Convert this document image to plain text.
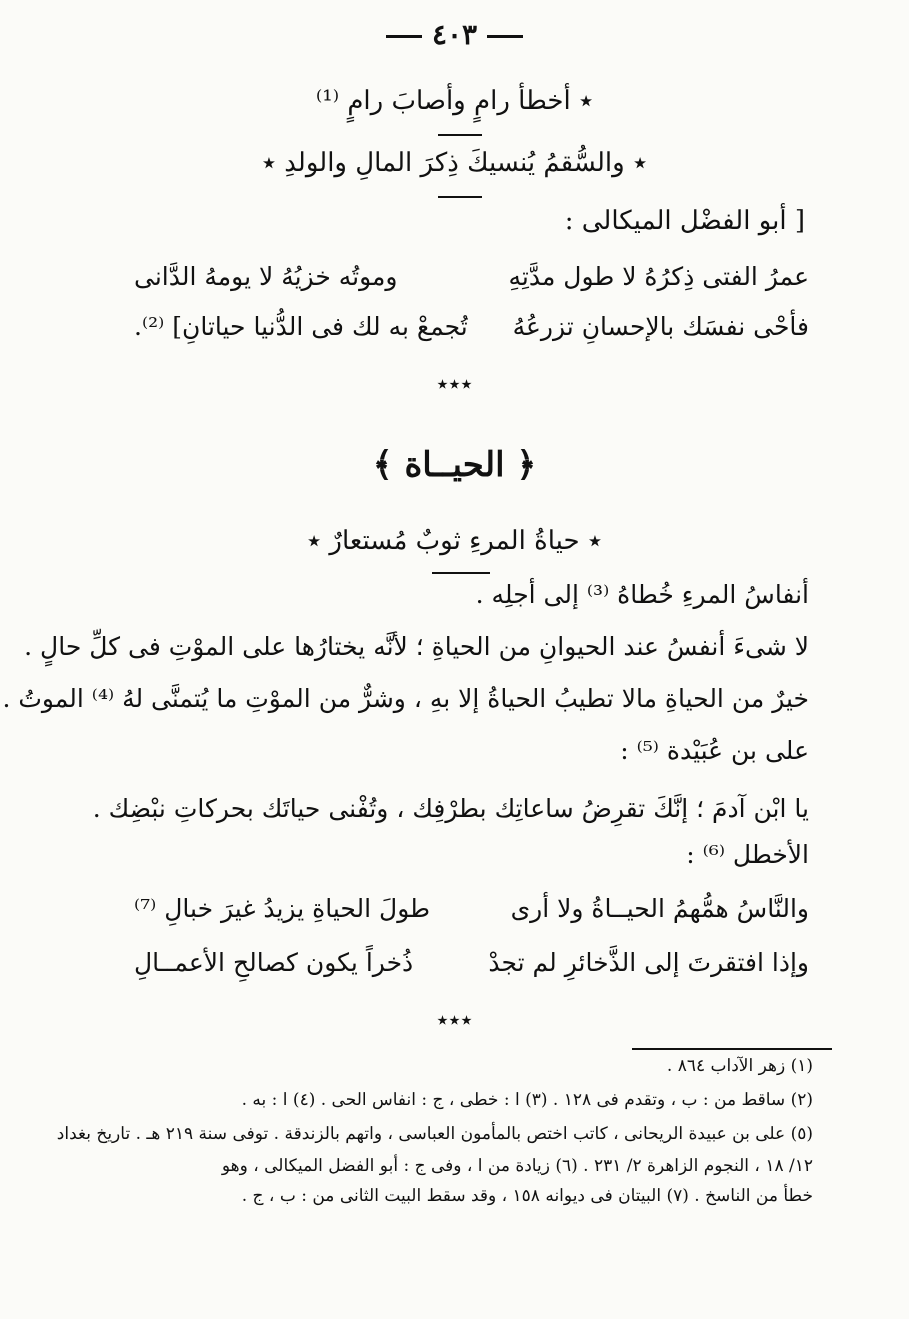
٤٠٣
٭ أخطأ رامٍ وأصابَ رامٍ ⁽¹⁾
٭ والسُّقمُ يُنسيكَ ذِكرَ المالِ والولدِ ٭
[ أبو الفضْل الميكالى :
عمرُ الفتى ذِكرُهُ لا طول مدَّتِهِ
وموتُه خزيُهُ لا يومهُ الدَّانى
فأحْى نفسَك بالإحسانِ تزرعُهُ
تُجمعْ به لك فى الدُّنيا حياتانِ] ⁽²⁾.
٭٭٭
﴿ الحيــاة ﴾
٭ حياةُ المرءِ ثوبٌ مُستعارٌ ٭
أنفاسُ المرءِ خُطاهُ ⁽³⁾ إلى أجلِه .
لا شىءَ أنفسُ عند الحيوانِ من الحياةِ ؛ لأنَّه يختارُها على الموْتِ فى كلِّ حالٍ .
خيرٌ من الحياةِ مالا تطيبُ الحياةُ إلا بهِ ، وشرٌّ من الموْتِ ما يُتمنَّى لهُ ⁽⁴⁾ الموتُ .
على بن عُبَيْدة ⁽⁵⁾ :
يا ابْن آدمَ ؛ إنَّكَ تقرِضُ ساعاتِك بطرْفِك ، وتُفْنى حياتَك بحركاتِ نبْضِك .
الأخطل ⁽⁶⁾ :
والنَّاسُ همُّهمُ الحيــاةُ ولا أرى
طولَ الحياةِ يزيدُ غيرَ خبالِ ⁽⁷⁾
وإذا افتقرتَ إلى الذَّخائرِ لم تجدْ
ذُخراً يكون كصالحِ الأعمــالِ
٭٭٭
(١) زهر الآداب ٨٦٤ .
(٢) ساقط من : ب ، وتقدم فى ١٢٨ . (٣) ا : خطى ، ج : انفاس الحى . (٤) ا : به .
(٥) على بن عبيدة الريحانى ، كاتب اختص بالمأمون العباسى ، واتهم بالزندقة . توفى سنة ٢١٩ هـ . تاريخ بغداد
١٢/ ١٨ ، النجوم الزاهرة ٢/ ٢٣١ . (٦) زيادة من ا ، وفى ج : أبو الفضل الميكالى ، وهو
خطأ من الناسخ . (٧) البيتان فى ديوانه ١٥٨ ، وقد سقط البيت الثانى من : ب ، ج .
